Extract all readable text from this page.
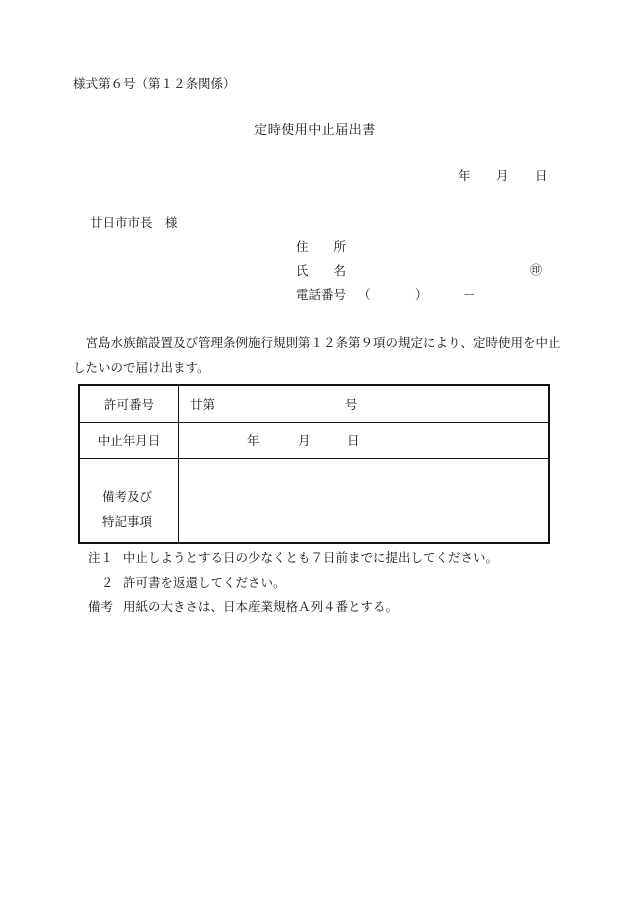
様式第６号（第１２条関係）
定時使用中止届出書
年 月 日
廿日市市長　様
住　　所
氏　　名	㊞
電話番号 （	）	－
宮島水族館設置及び管理条例施行規則第１２条第９項の規定により、定時使用を中止したいので届け出ます。
許可番号	廿第	号
中止年月日	年	月	日
備考及び特記事項
注１ 中止しようとする日の少なくとも７日前までに提出してください。
２ 許可書を返還してください。
備考 用紙の大きさは、日本産業規格Ａ列４番とする。
